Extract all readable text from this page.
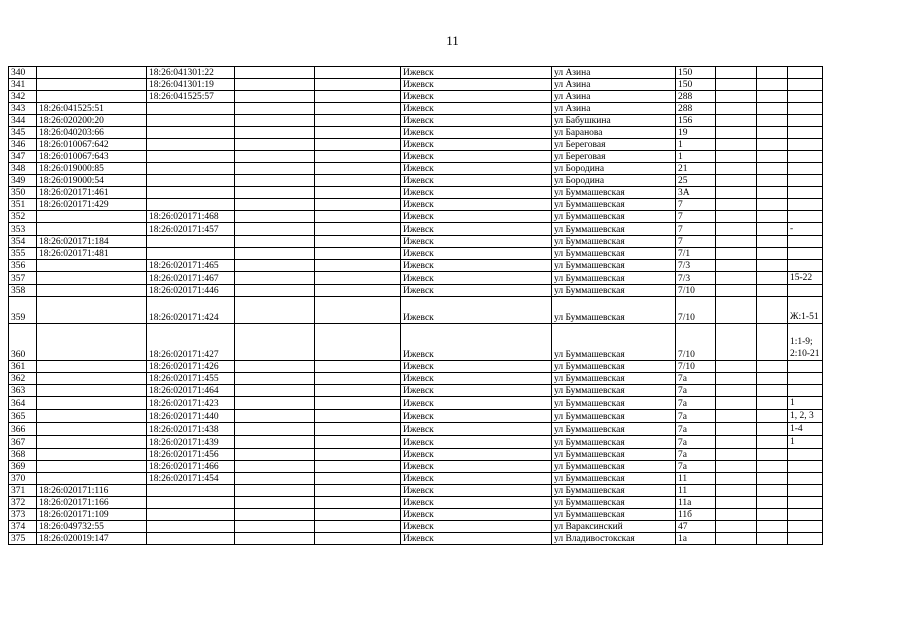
11
340		18:26:041301:22			Ижевск	ул Азина	150			
341		18:26:041301:19			Ижевск	ул Азина	150			
342		18:26:041525:57			Ижевск	ул Азина	288			
343	18:26:041525:51				Ижевск	ул Азина	288			
344	18:26:020200:20				Ижевск	ул Бабушкина	156			
345	18:26:040203:66				Ижевск	ул Баранова	19			
346	18:26:010067:642				Ижевск	ул Береговая	1			
347	18:26:010067:643				Ижевск	ул Береговая	1			
348	18:26:019000:85				Ижевск	ул Бородина	21			
349	18:26:019000:54				Ижевск	ул Бородина	25			
350	18:26:020171:461				Ижевск	ул Буммашевская	3А			
351	18:26:020171:429				Ижевск	ул Буммашевская	7			
352		18:26:020171:468			Ижевск	ул Буммашевская	7			
353		18:26:020171:457			Ижевск	ул Буммашевская	7			-
354	18:26:020171:184				Ижевск	ул Буммашевская	7			
355	18:26:020171:481				Ижевск	ул Буммашевская	7/1			
356		18:26:020171:465			Ижевск	ул Буммашевская	7/3			
357		18:26:020171:467			Ижевск	ул Буммашевская	7/3			15-22
358		18:26:020171:446			Ижевск	ул Буммашевская	7/10			
359		18:26:020171:424			Ижевск	ул Буммашевская	7/10			Ж:1-51
360		18:26:020171:427			Ижевск	ул Буммашевская	7/10			1:1-9;
2:10-21
361		18:26:020171:426			Ижевск	ул Буммашевская	7/10			
362		18:26:020171:455			Ижевск	ул Буммашевская	7а			
363		18:26:020171:464			Ижевск	ул Буммашевская	7а			
364		18:26:020171:423			Ижевск	ул Буммашевская	7а			1
365		18:26:020171:440			Ижевск	ул Буммашевская	7а			1, 2, 3
366		18:26:020171:438			Ижевск	ул Буммашевская	7а			1-4
367		18:26:020171:439			Ижевск	ул Буммашевская	7а			1
368		18:26:020171:456			Ижевск	ул Буммашевская	7а			
369		18:26:020171:466			Ижевск	ул Буммашевская	7а			
370		18:26:020171:454			Ижевск	ул Буммашевская	11			
371	18:26:020171:116				Ижевск	ул Буммашевская	11			
372	18:26:020171:166				Ижевск	ул Буммашевская	11а			
373	18:26:020171:109				Ижевск	ул Буммашевская	11б			
374	18:26:049732:55				Ижевск	ул Вараксинский	47			
375	18:26:020019:147				Ижевск	ул Владивостокская	1а			
